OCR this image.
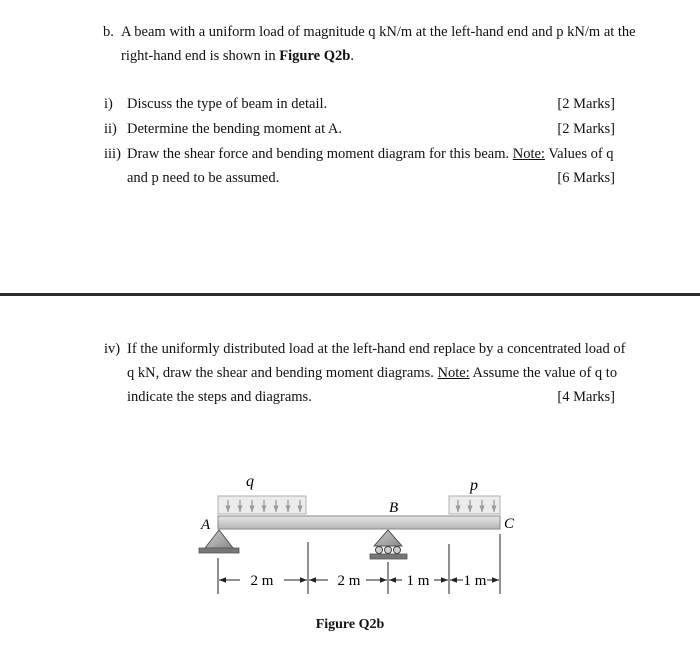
b. A beam with a uniform load of magnitude q kN/m at the left-hand end and p kN/m at the
right-hand end is shown in Figure Q2b.
i) Discuss the type of beam in detail.	[2 Marks]
ii) Determine the bending moment at A.	[2 Marks]
iii) Draw the shear force and bending moment diagram for this beam. Note: Values of q
and p need to be assumed.	[6 Marks]
iv) If the uniformly distributed load at the left-hand end replace by a concentrated load of
q kN, draw the shear and bending moment diagrams. Note: Assume the value of q to
indicate the steps and diagrams.	[4 Marks]
q	p
A
B
C
2 m	2 m	1 m 1 m
Figure Q2b
